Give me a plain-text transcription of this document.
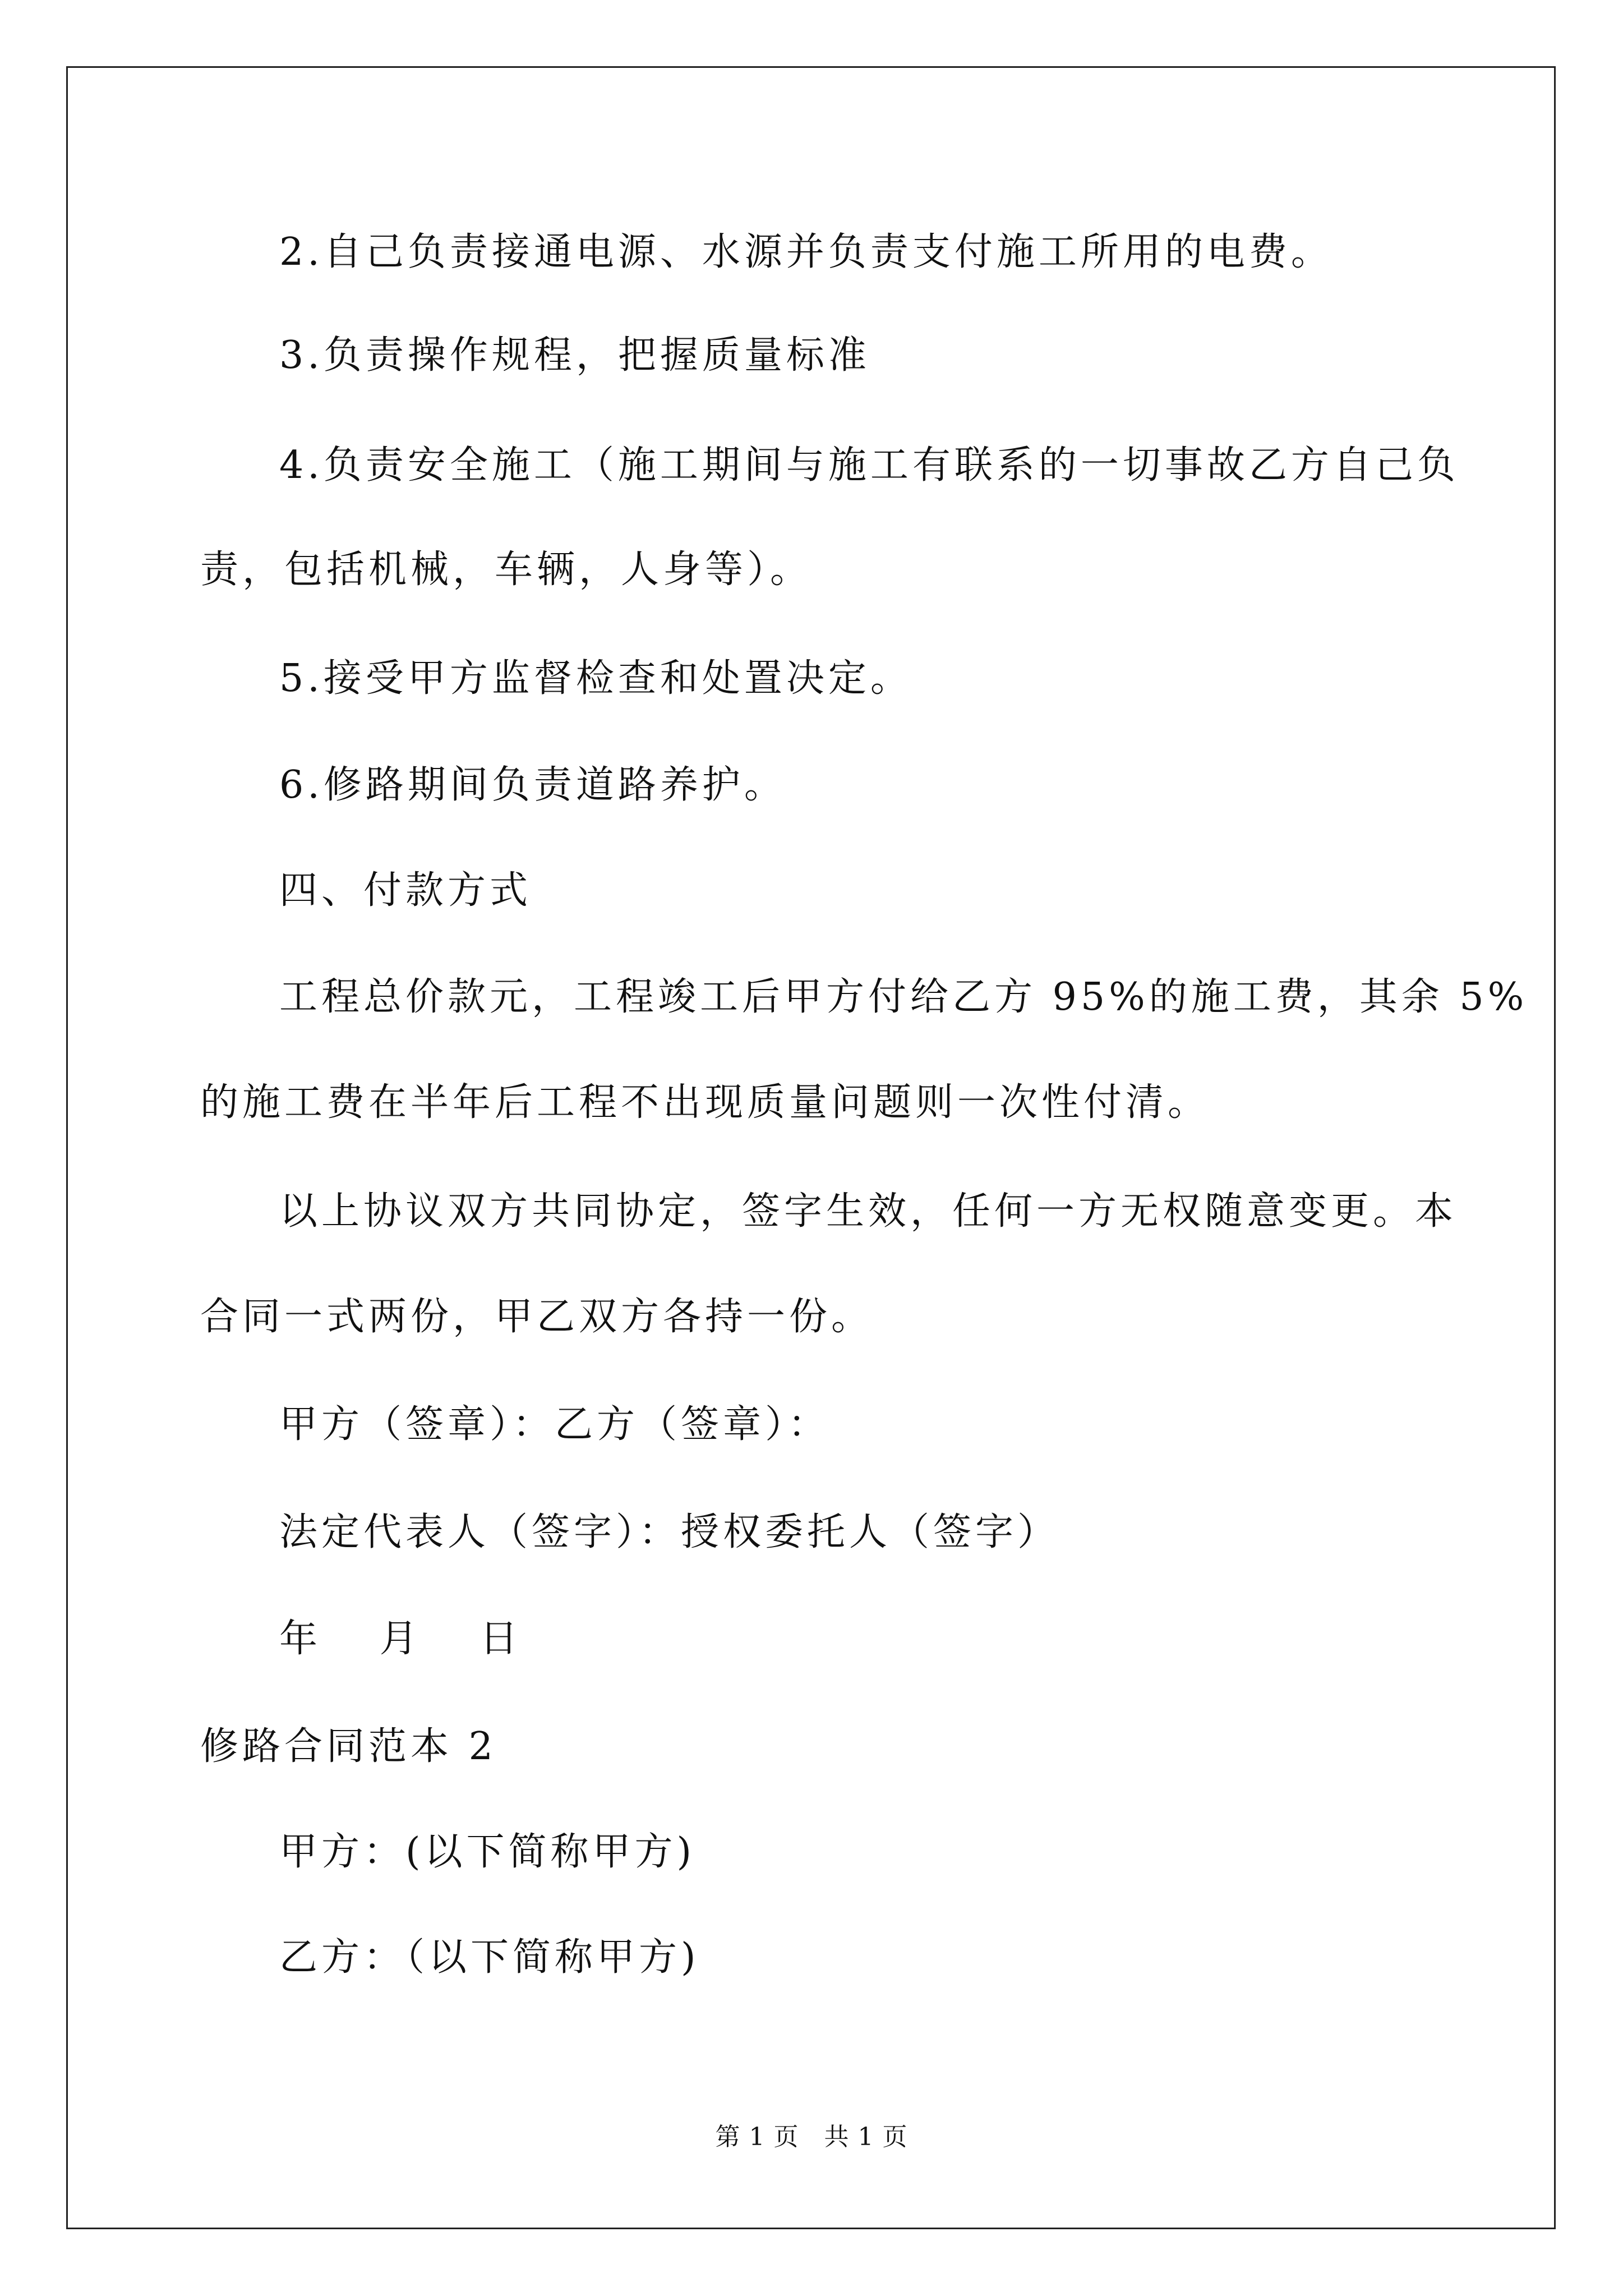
2.自己负责接通电源、水源并负责支付施工所用的电费。
3.负责操作规程，把握质量标准
4.负责安全施工（施工期间与施工有联系的一切事故乙方自己负
责，包括机械，车辆，人身等）。
5.接受甲方监督检查和处置决定。
6.修路期间负责道路养护。
四、付款方式
工程总价款元，工程竣工后甲方付给乙方 95%的施工费，其余 5%
的施工费在半年后工程不出现质量问题则一次性付清。
以上协议双方共同协定，签字生效，任何一方无权随意变更。本
合同一式两份，甲乙双方各持一份。
甲方（签章）：乙方（签章）：
法定代表人（签字）：授权委托人（签字）
年　 月　 日
修路合同范本 2
甲方：(以下简称甲方)
乙方：（以下简称甲方)
第 1 页　共 1 页
